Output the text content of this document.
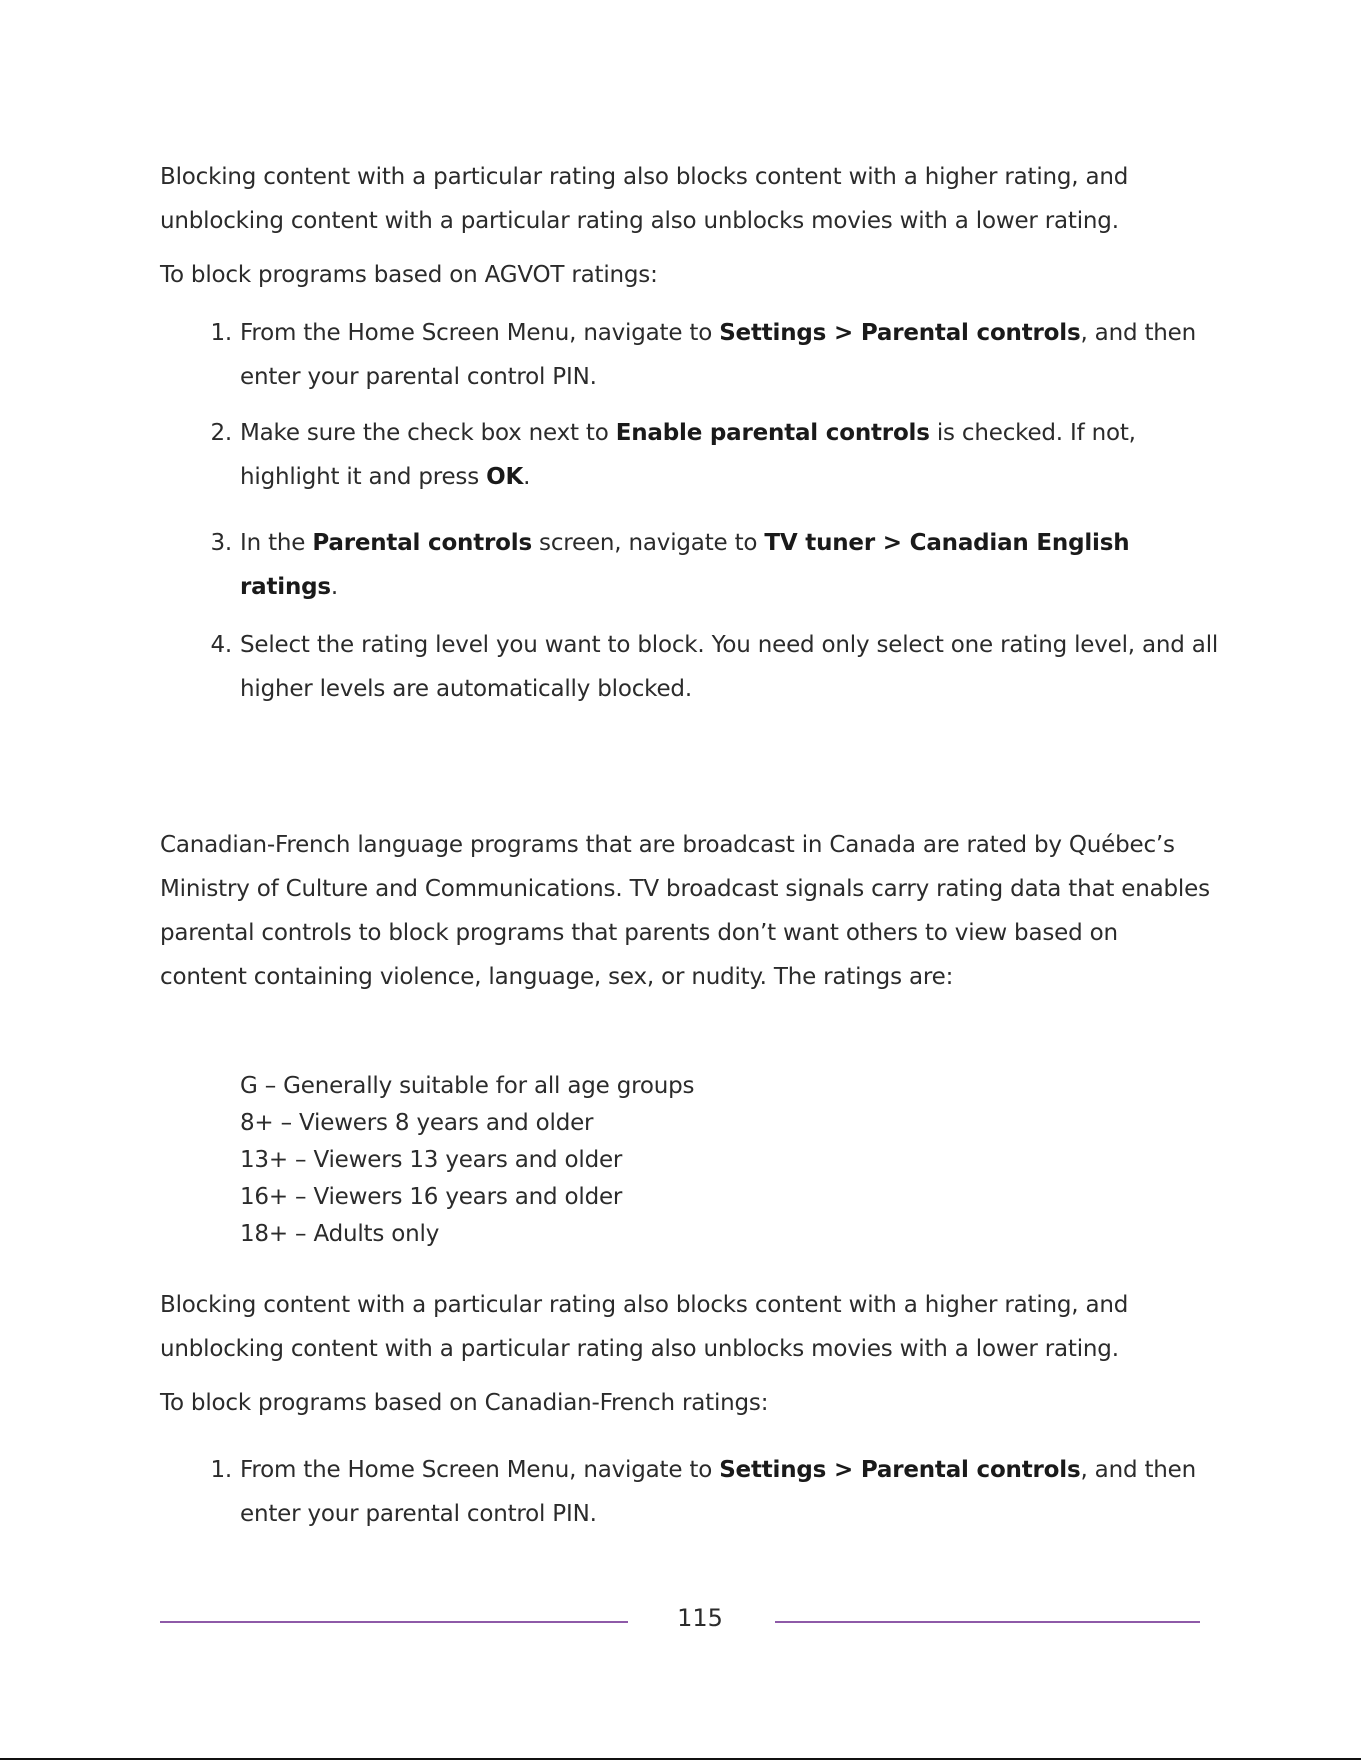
Blocking content with a particular rating also blocks content with a higher rating, and unblocking content with a particular rating also unblocks movies with a lower rating.

To block programs based on AGVOT ratings:

1. From the Home Screen Menu, navigate to Settings > Parental controls, and then enter your parental control PIN.
2. Make sure the check box next to Enable parental controls is checked. If not, highlight it and press OK.
3. In the Parental controls screen, navigate to TV tuner > Canadian English ratings.
4. Select the rating level you want to block. You need only select one rating level, and all higher levels are automatically blocked.

Canadian-French language programs that are broadcast in Canada are rated by Québec’s Ministry of Culture and Communications. TV broadcast signals carry rating data that enables parental controls to block programs that parents don’t want others to view based on content containing violence, language, sex, or nudity. The ratings are:

G – Generally suitable for all age groups
8+ – Viewers 8 years and older
13+ – Viewers 13 years and older
16+ – Viewers 16 years and older
18+ – Adults only

Blocking content with a particular rating also blocks content with a higher rating, and unblocking content with a particular rating also unblocks movies with a lower rating.

To block programs based on Canadian-French ratings:

1. From the Home Screen Menu, navigate to Settings > Parental controls, and then enter your parental control PIN.
115
